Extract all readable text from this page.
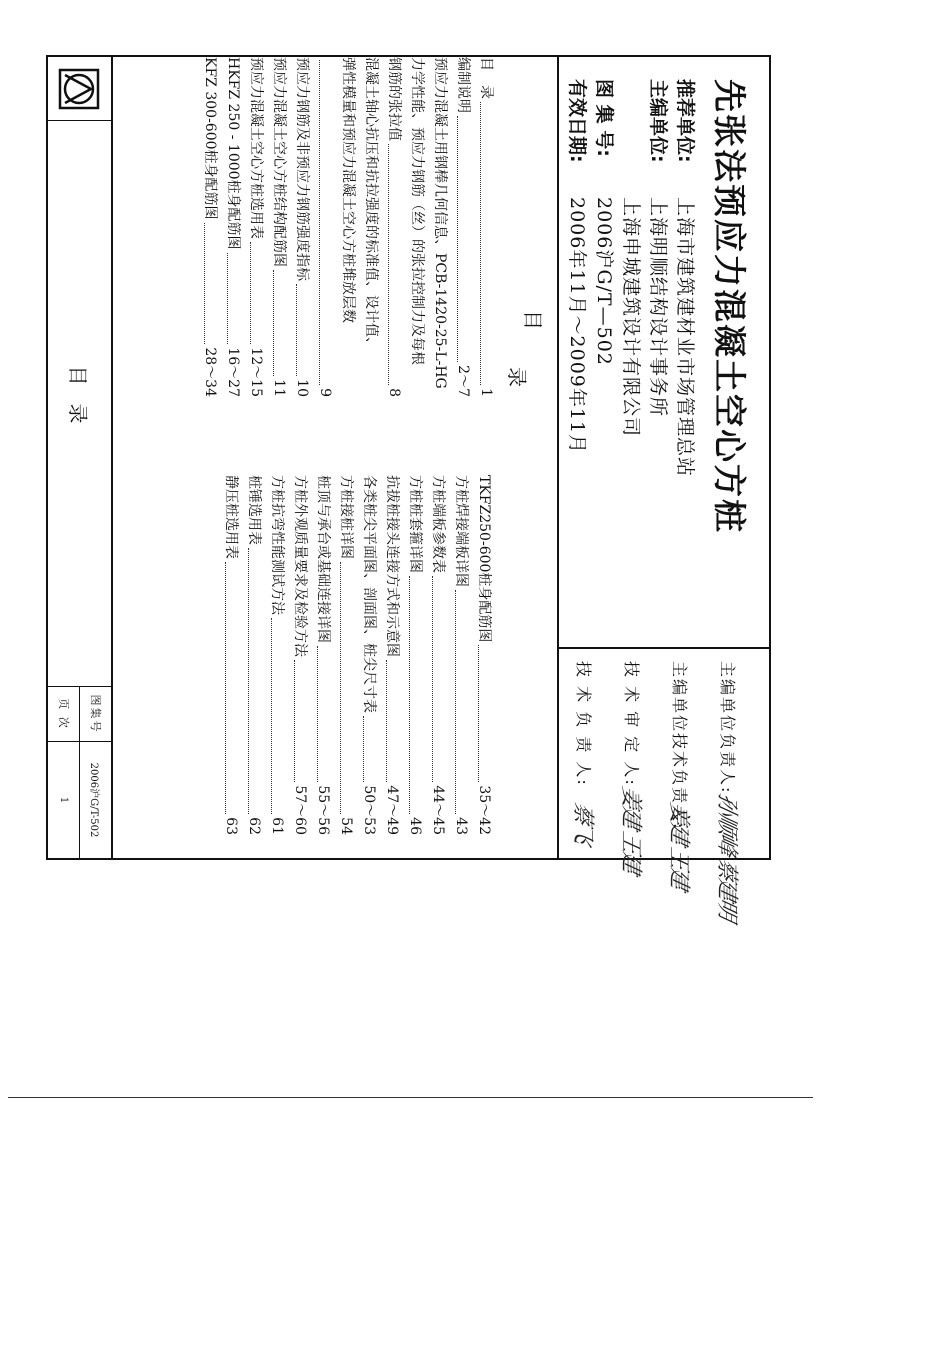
先张法预应力混凝土空心方桩
推荐单位:
上海市建筑建材业市场管理总站
主编单位:
上海明顺结构设计事务所
上海申城建筑设计有限公司
图 集 号:
2006沪G/T—502
有效日期:
2006年11月～2009年11月
主编单位负责人:
孙顺峰 蔡建明
主编单位技术负责人:
姜建 王建
技 术 审 定 人:
姜建 王建
技 术 负 责 人:
蔡飞
目
录
目　录
1
编制说明
2～7
预应力混凝土用钢棒几何信息、PCB-1420-25-L-HG
力学性能、预应力钢筋（丝）的张拉控制力及每根
钢筋的张拉值
8
混凝土轴心抗压和抗拉强度的标准值、设计值、
弹性模量和预应力混凝土空心方桩堆放层数
9
预应力钢筋及非预应力钢筋强度指标
10
预应力混凝土空心方桩结构配筋图
11
预应力混凝土空心方桩选用表
12～15
HKFZ 250 - 1000桩身配筋图
16～27
KFZ 300-600桩身配筋图
28～34
TKFZ250-600桩身配筋图
35～42
方桩焊接端板详图
43
方桩端板参数表
44～45
方桩桩套箍详图
46
抗拔桩接头连接方式和示意图
47～49
各类桩尖平面图、剖面图、桩尖尺寸表
50～53
方桩接桩详图
54
桩顶与承台或基础连接详图
55～56
方桩外观质量要求及检验方法
57～60
方桩抗弯性能测试方法
61
桩锤选用表
62
静压桩选用表
63
目录
图集号
2006沪G/T-502
页 次
1
